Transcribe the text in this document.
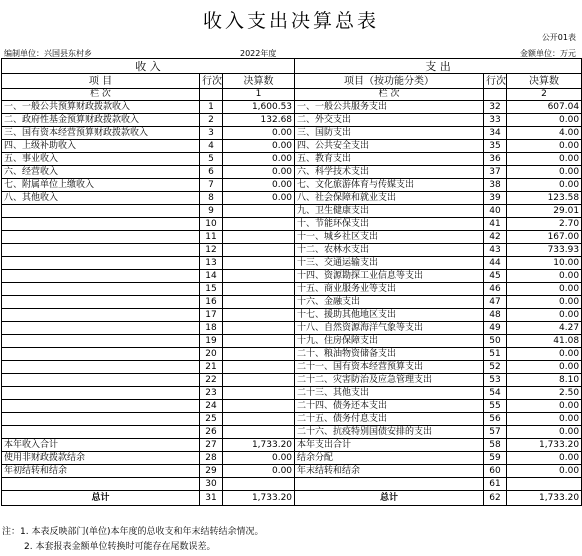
收入支出决算总表
公开01表
编制单位：兴国县东村乡	2022年度	金额单位：万元
收 入			支 出		
项 目	行次	决算数	项目（按功能分类）	行次	决算数
栏 次		1	栏 次		2
一、一般公共预算财政拨款收入	1	1,600.53	一、一般公共服务支出	32	607.04
二、政府性基金预算财政拨款收入	2	132.68	二、外交支出	33	0.00
三、国有资本经营预算财政拨款收入	3	0.00	三、国防支出	34	4.00
四、上级补助收入	4	0.00	四、公共安全支出	35	0.00
五、事业收入	5	0.00	五、教育支出	36	0.00
六、经营收入	6	0.00	六、科学技术支出	37	0.00
七、附属单位上缴收入	7	0.00	七、文化旅游体育与传媒支出	38	0.00
八、其他收入	8	0.00	八、社会保障和就业支出	39	123.58
	9		九、卫生健康支出	40	29.01
	10		十、节能环保支出	41	2.70
	11		十一、城乡社区支出	42	167.00
	12		十二、农林水支出	43	733.93
	13		十三、交通运输支出	44	10.00
	14		十四、资源勘探工业信息等支出	45	0.00
	15		十五、商业服务业等支出	46	0.00
	16		十六、金融支出	47	0.00
	17		十七、援助其他地区支出	48	0.00
	18		十八、自然资源海洋气象等支出	49	4.27
	19		十九、住房保障支出	50	41.08
	20		二十、粮油物资储备支出	51	0.00
	21		二十一、国有资本经营预算支出	52	0.00
	22		二十二、灾害防治及应急管理支出	53	8.10
	23		二十三、其他支出	54	2.50
	24		二十四、债务还本支出	55	0.00
	25		二十五、债务付息支出	56	0.00
	26		二十六、抗疫特别国债安排的支出	57	0.00
本年收入合计	27	1,733.20	本年支出合计	58	1,733.20
使用非财政拨款结余	28	0.00	结余分配	59	0.00
年初结转和结余	29	0.00	年末结转和结余	60	0.00
	30			61	
总计	31	1,733.20	总计	62	1,733.20
注：1. 本表反映部门(单位)本年度的总收支和年末结转结余情况。
2. 本套报表金额单位转换时可能存在尾数误差。
